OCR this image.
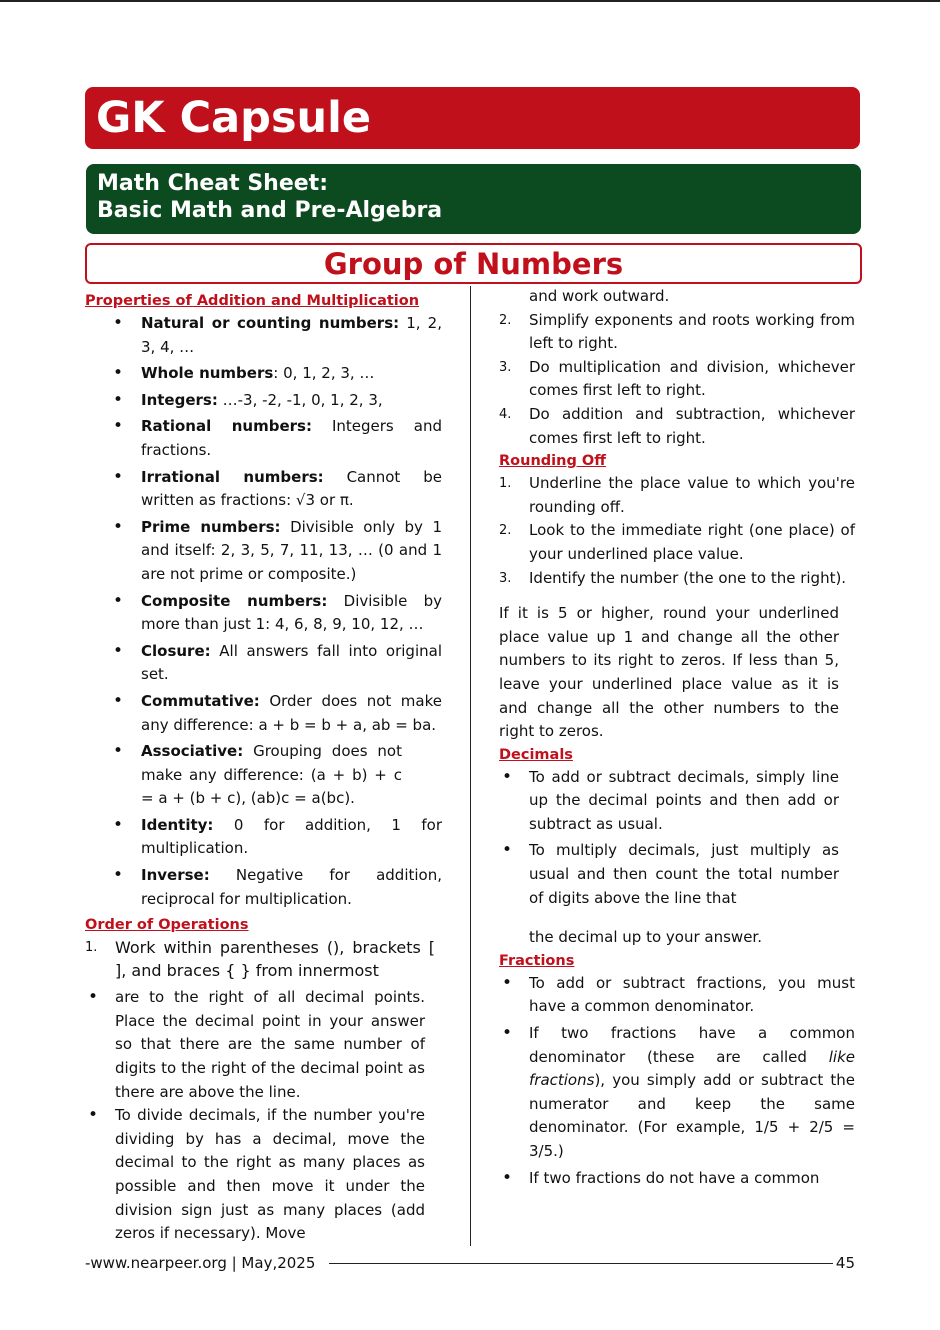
GK Capsule
Math Cheat Sheet:
Basic Math and Pre-Algebra
Group of Numbers
Properties of Addition and Multiplication
• Natural or counting numbers: 1, 2, 3, 4, …
• Whole numbers: 0, 1, 2, 3, …
• Integers: …-3, -2, -1, 0, 1, 2, 3,
• Rational numbers: Integers and fractions.
• Irrational numbers: Cannot be written as fractions: √3 or π.
• Prime numbers: Divisible only by 1 and itself: 2, 3, 5, 7, 11, 13, … (0 and 1 are not prime or composite.)
• Composite numbers: Divisible by more than just 1: 4, 6, 8, 9, 10, 12, …
• Closure: All answers fall into original set.
• Commutative: Order does not make any difference: a + b = b + a, ab = ba.
• Associative: Grouping does not make any difference: (a + b) + c = a + (b + c), (ab)c = a(bc).
• Identity: 0 for addition, 1 for multiplication.
• Inverse: Negative for addition, reciprocal for multiplication.
Order of Operations
1. Work within parentheses (), brackets [ ], and braces { } from innermost
• are to the right of all decimal points. Place the decimal point in your answer so that there are the same number of digits to the right of the decimal point as there are above the line.
• To divide decimals, if the number you're dividing by has a decimal, move the decimal to the right as many places as possible and then move it under the division sign just as many places (add zeros if necessary). Move
and work outward.
2. Simplify exponents and roots working from left to right.
3. Do multiplication and division, whichever comes first left to right.
4. Do addition and subtraction, whichever comes first left to right.
Rounding Off
1. Underline the place value to which you're rounding off.
2. Look to the immediate right (one place) of your underlined place value.
3. Identify the number (the one to the right).
If it is 5 or higher, round your underlined place value up 1 and change all the other numbers to its right to zeros. If less than 5, leave your underlined place value as it is and change all the other numbers to the right to zeros.
Decimals
• To add or subtract decimals, simply line up the decimal points and then add or subtract as usual.
• To multiply decimals, just multiply as usual and then count the total number of digits above the line that
the decimal up to your answer.
Fractions
• To add or subtract fractions, you must have a common denominator.
• If two fractions have a common denominator (these are called like fractions), you simply add or subtract the numerator and keep the same denominator. (For example, 1/5 + 2/5 = 3/5.)
• If two fractions do not have a common
-www.nearpeer.org | May,2025	45
